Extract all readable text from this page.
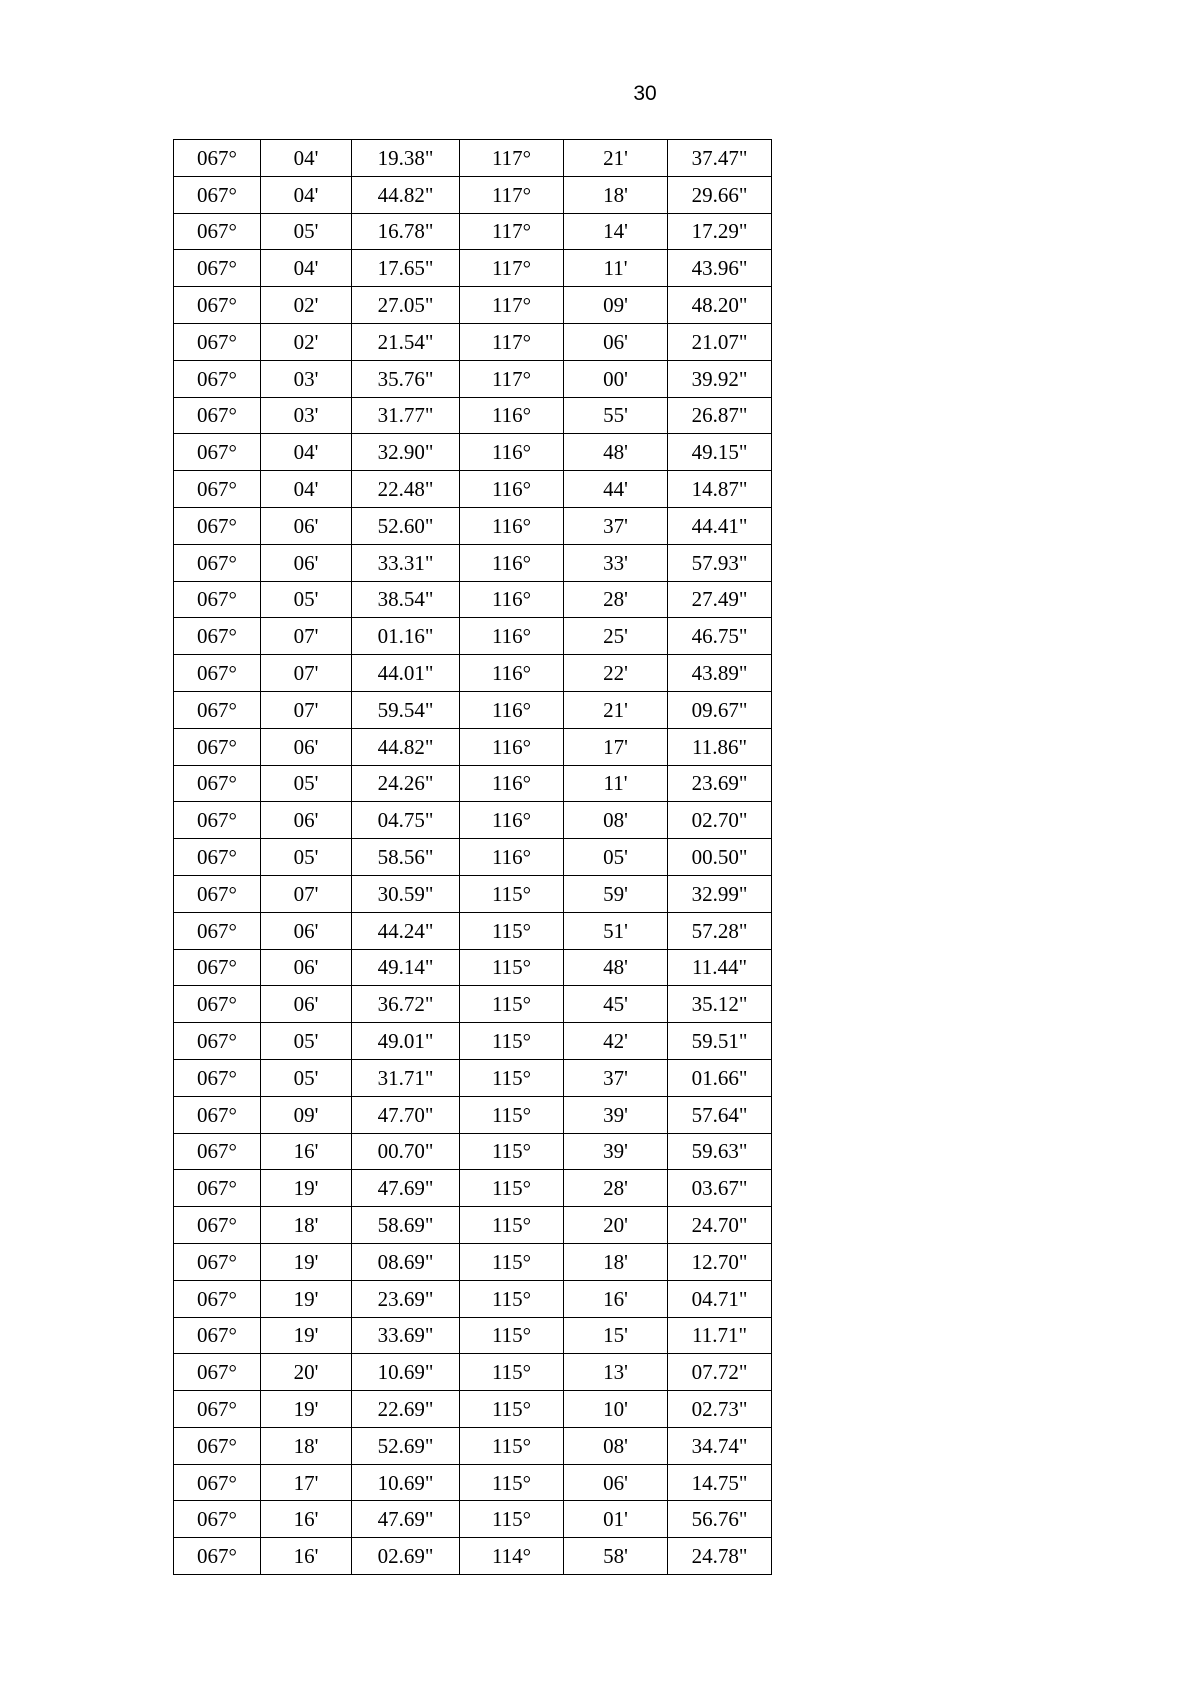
30
067°	04'	19.38"	117°	21'	37.47"
067°	04'	44.82"	117°	18'	29.66"
067°	05'	16.78"	117°	14'	17.29"
067°	04'	17.65"	117°	11'	43.96"
067°	02'	27.05"	117°	09'	48.20"
067°	02'	21.54"	117°	06'	21.07"
067°	03'	35.76"	117°	00'	39.92"
067°	03'	31.77"	116°	55'	26.87"
067°	04'	32.90"	116°	48'	49.15"
067°	04'	22.48"	116°	44'	14.87"
067°	06'	52.60"	116°	37'	44.41"
067°	06'	33.31"	116°	33'	57.93"
067°	05'	38.54"	116°	28'	27.49"
067°	07'	01.16"	116°	25'	46.75"
067°	07'	44.01"	116°	22'	43.89"
067°	07'	59.54"	116°	21'	09.67"
067°	06'	44.82"	116°	17'	11.86"
067°	05'	24.26"	116°	11'	23.69"
067°	06'	04.75"	116°	08'	02.70"
067°	05'	58.56"	116°	05'	00.50"
067°	07'	30.59"	115°	59'	32.99"
067°	06'	44.24"	115°	51'	57.28"
067°	06'	49.14"	115°	48'	11.44"
067°	06'	36.72"	115°	45'	35.12"
067°	05'	49.01"	115°	42'	59.51"
067°	05'	31.71"	115°	37'	01.66"
067°	09'	47.70"	115°	39'	57.64"
067°	16'	00.70"	115°	39'	59.63"
067°	19'	47.69"	115°	28'	03.67"
067°	18'	58.69"	115°	20'	24.70"
067°	19'	08.69"	115°	18'	12.70"
067°	19'	23.69"	115°	16'	04.71"
067°	19'	33.69"	115°	15'	11.71"
067°	20'	10.69"	115°	13'	07.72"
067°	19'	22.69"	115°	10'	02.73"
067°	18'	52.69"	115°	08'	34.74"
067°	17'	10.69"	115°	06'	14.75"
067°	16'	47.69"	115°	01'	56.76"
067°	16'	02.69"	114°	58'	24.78"
